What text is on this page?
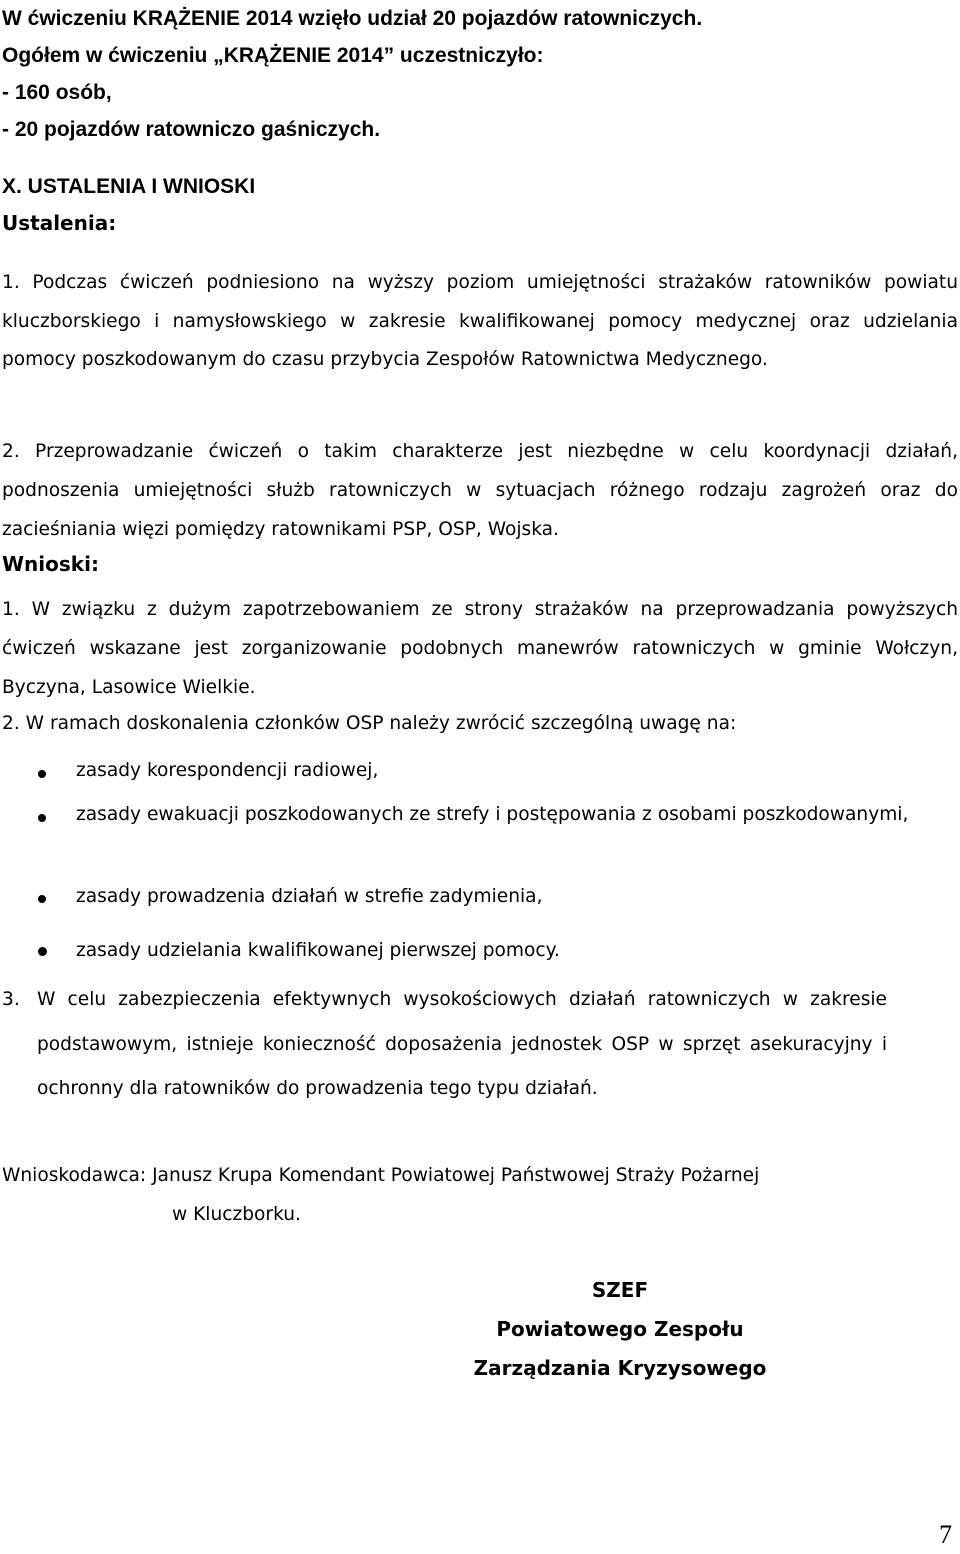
W ćwiczeniu KRĄŻENIE 2014 wzięło udział 20 pojazdów ratowniczych.
Ogółem w ćwiczeniu „KRĄŻENIE 2014” uczestniczyło:
- 160 osób,
- 20 pojazdów ratowniczo gaśniczych.
X. USTALENIA I WNIOSKI
Ustalenia:
1. Podczas ćwiczeń podniesiono na wyższy poziom umiejętności strażaków ratowników powiatu kluczborskiego i namysłowskiego w zakresie kwalifikowanej pomocy medycznej oraz udzielania pomocy poszkodowanym do czasu przybycia Zespołów Ratownictwa Medycznego.
2. Przeprowadzanie ćwiczeń o takim charakterze jest niezbędne w celu koordynacji działań, podnoszenia umiejętności służb ratowniczych w sytuacjach różnego rodzaju zagrożeń oraz do zacieśniania więzi pomiędzy ratownikami PSP, OSP, Wojska.
Wnioski:
1. W związku z dużym zapotrzebowaniem ze strony strażaków na przeprowadzania powyższych ćwiczeń wskazane jest zorganizowanie podobnych manewrów ratowniczych w gminie Wołczyn, Byczyna, Lasowice Wielkie.
2. W ramach doskonalenia członków OSP należy zwrócić szczególną uwagę na:
zasady korespondencji radiowej,
zasady ewakuacji poszkodowanych ze strefy i postępowania z osobami poszkodowanymi,
zasady prowadzenia działań w strefie zadymienia,
zasady udzielania kwalifikowanej pierwszej pomocy.
3. W celu zabezpieczenia efektywnych wysokościowych działań ratowniczych w zakresie podstawowym, istnieje konieczność doposażenia jednostek OSP w sprzęt asekuracyjny i ochronny dla ratowników do prowadzenia tego typu działań.
Wnioskodawca: Janusz Krupa Komendant Powiatowej Państwowej Straży Pożarnej
w Kluczborku.
SZEF
Powiatowego Zespołu
Zarządzania Kryzysowego
7
